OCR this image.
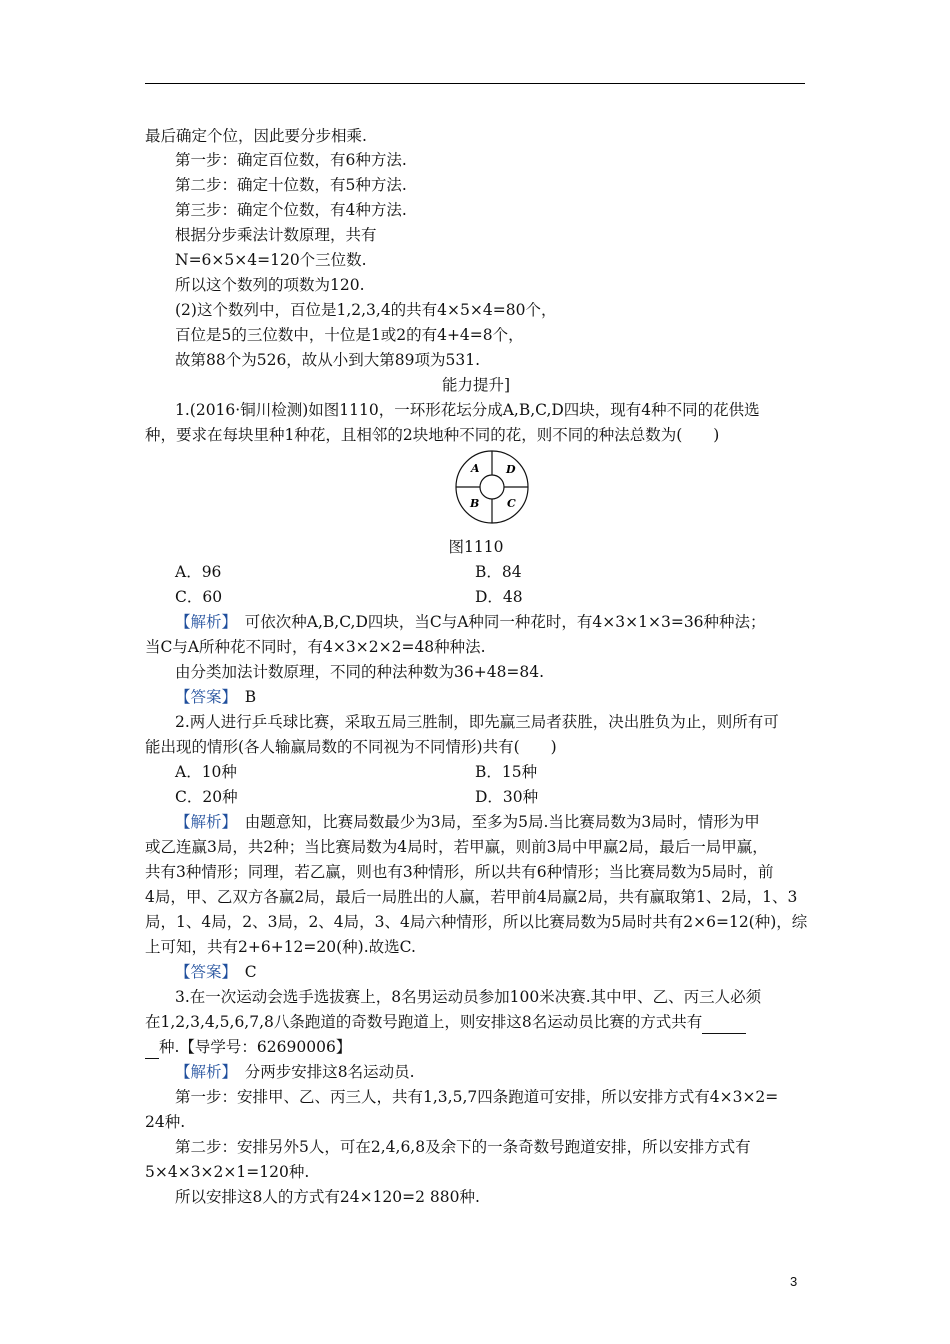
最后确定个位，因此要分步相乘.
第一步：确定百位数，有6种方法.
第二步：确定十位数，有5种方法.
第三步：确定个位数，有4种方法.
根据分步乘法计数原理，共有
N=6×5×4=120个三位数.
所以这个数列的项数为120.
(2)这个数列中，百位是1,2,3,4的共有4×5×4=80个，
百位是5的三位数中，十位是1或2的有4+4=8个，
故第88个为526，故从小到大第89项为531.
能力提升]
1.(2016·铜川检测)如图1110，一环形花坛分成A,B,C,D四块，现有4种不同的花供选
种，要求在每块里种1种花，且相邻的2块地种不同的花，则不同的种法总数为(　　)
A D
B	C
图1110
A．96	B．84
C．60	D．48
【解析】　可依次种A,B,C,D四块，当C与A种同一种花时，有4×3×1×3=36种种法；
当C与A所种花不同时，有4×3×2×2=48种种法.
由分类加法计数原理，不同的种法种数为36+48=84.
【答案】　B
2.两人进行乒乓球比赛，采取五局三胜制，即先赢三局者获胜，决出胜负为止，则所有可
能出现的情形(各人输赢局数的不同视为不同情形)共有(　　)
A．10种	B．15种
C．20种	D．30种
【解析】　由题意知，比赛局数最少为3局，至多为5局.当比赛局数为3局时，情形为甲
或乙连赢3局，共2种；当比赛局数为4局时，若甲赢，则前3局中甲赢2局，最后一局甲赢，
共有3种情形；同理，若乙赢，则也有3种情形，所以共有6种情形；当比赛局数为5局时，前
4局，甲、乙双方各赢2局，最后一局胜出的人赢，若甲前4局赢2局，共有赢取第1、2局，1、3
局，1、4局，2、3局，2、4局，3、4局六种情形，所以比赛局数为5局时共有2×6=12(种)，综
上可知，共有2+6+12=20(种).故选C.
【答案】　C
3.在一次运动会选手选拔赛上，8名男运动员参加100米决赛.其中甲、乙、丙三人必须
在1,2,3,4,5,6,7,8八条跑道的奇数号跑道上，则安排这8名运动员比赛的方式共有
种.【导学号：62690006】
【解析】　分两步安排这8名运动员.
第一步：安排甲、乙、丙三人，共有1,3,5,7四条跑道可安排，所以安排方式有4×3×2=
24种.
第二步：安排另外5人，可在2,4,6,8及余下的一条奇数号跑道安排，所以安排方式有
5×4×3×2×1=120种.
所以安排这8人的方式有24×120=2 880种.
3
